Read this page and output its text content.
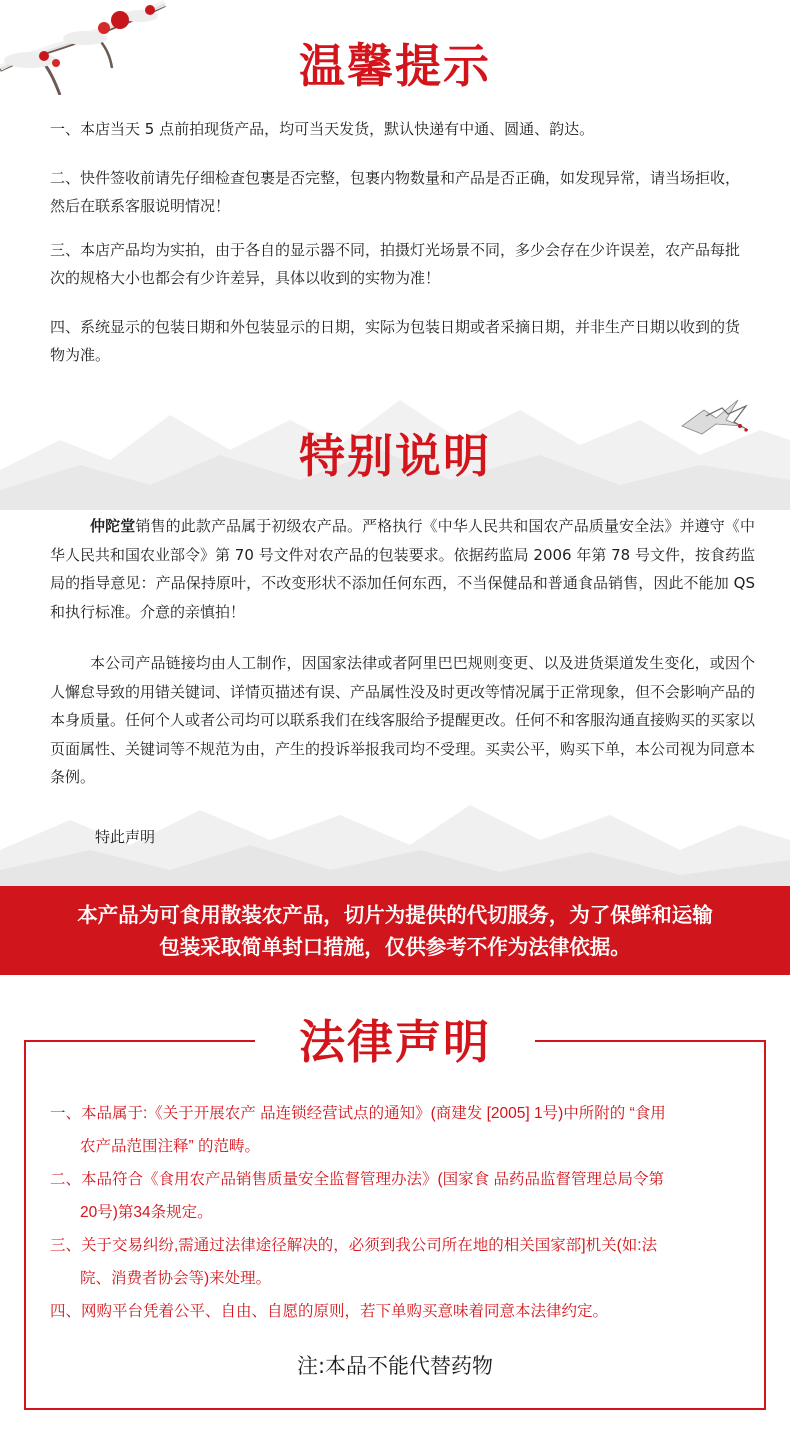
温馨提示

一、本店当天 5 点前拍现货产品，均可当天发货，默认快递有中通、圆通、韵达。

二、快件签收前请先仔细检查包裹是否完整，包裹内物数量和产品是否正确，如发现异常，请当场拒收，然后在联系客服说明情况！

三、本店产品均为实拍，由于各自的显示器不同，拍摄灯光场景不同，多少会存在少许误差，农产品每批次的规格大小也都会有少许差异，具体以收到的实物为准！

四、系统显示的包装日期和外包装显示的日期，实际为包装日期或者采摘日期，并非生产日期以收到的货物为准。

特别说明

仲陀堂销售的此款产品属于初级农产品。严格执行《中华人民共和国农产品质量安全法》并遵守《中华人民共和国农业部令》第 70 号文件对农产品的包装要求。依据药监局 2006 年第 78 号文件，按食药监局的指导意见：产品保持原叶，不改变形状不添加任何东西，不当保健品和普通食品销售，因此不能加 QS 和执行标准。介意的亲慎拍！

本公司产品链接均由人工制作，因国家法律或者阿里巴巴规则变更、以及进货渠道发生变化，或因个人懈怠导致的用错关键词、详情页描述有误、产品属性没及时更改等情况属于正常现象，但不会影响产品的本身质量。任何个人或者公司均可以联系我们在线客服给予提醒更改。任何不和客服沟通直接购买的买家以页面属性、关键词等不规范为由，产生的投诉举报我司均不受理。买卖公平，购买下单，本公司视为同意本条例。

特此声明

本产品为可食用散装农产品，切片为提供的代切服务，为了保鲜和运输
包装采取简单封口措施，仅供参考不作为法律依据。
法律声明
一、本品属于:《关于开展农产 品连锁经营试点的通知》(商建发 [2005] 1号)中所附的 “食用
农产品范围注释” 的范畴。
二、本品符合《食用农产品销售质量安全监督管理办法》(国家食 品药品监督管理总局令第
20号)第34条规定。
三、关于交易纠纷,需通过法律途径解决的，必须到我公司所在地的相关国家部]机关(如:法
院、消费者协会等)来处理。
四、网购平台凭着公平、自由、自愿的原则，若下单购买意味着同意本法律约定。
注:本品不能代替药物
